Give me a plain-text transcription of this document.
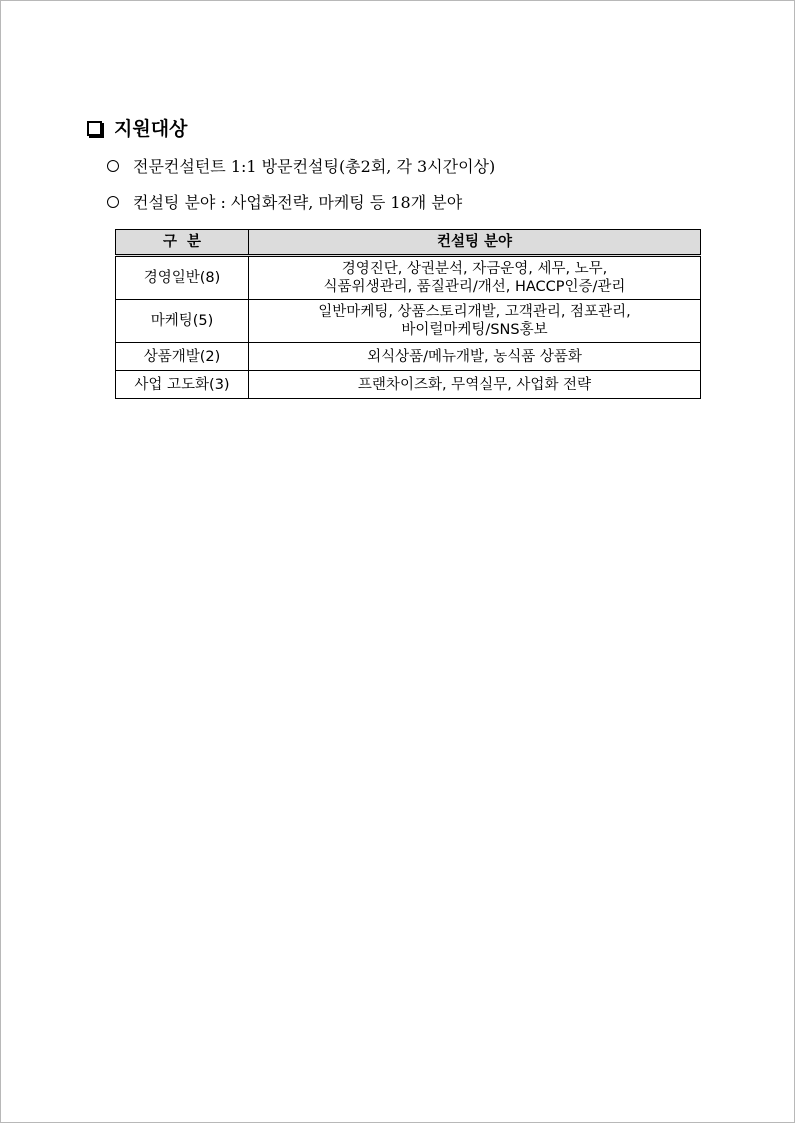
지원대상
전문컨설턴트 1:1 방문컨설팅(총2회, 각 3시간이상)
컨설팅 분야 : 사업화전략, 마케팅 등 18개 분야
구  분	컨설팅 분야
경영일반(8)	경영진단, 상권분석, 자금운영, 세무, 노무,
식품위생관리, 품질관리/개선, HACCP인증/관리

마케팅(5)	일반마케팅, 상품스토리개발, 고객관리, 점포관리,
바이럴마케팅/SNS홍보

상품개발(2)	외식상품/메뉴개발, 농식품 상품화

사업 고도화(3)	프랜차이즈화, 무역실무, 사업화 전략
